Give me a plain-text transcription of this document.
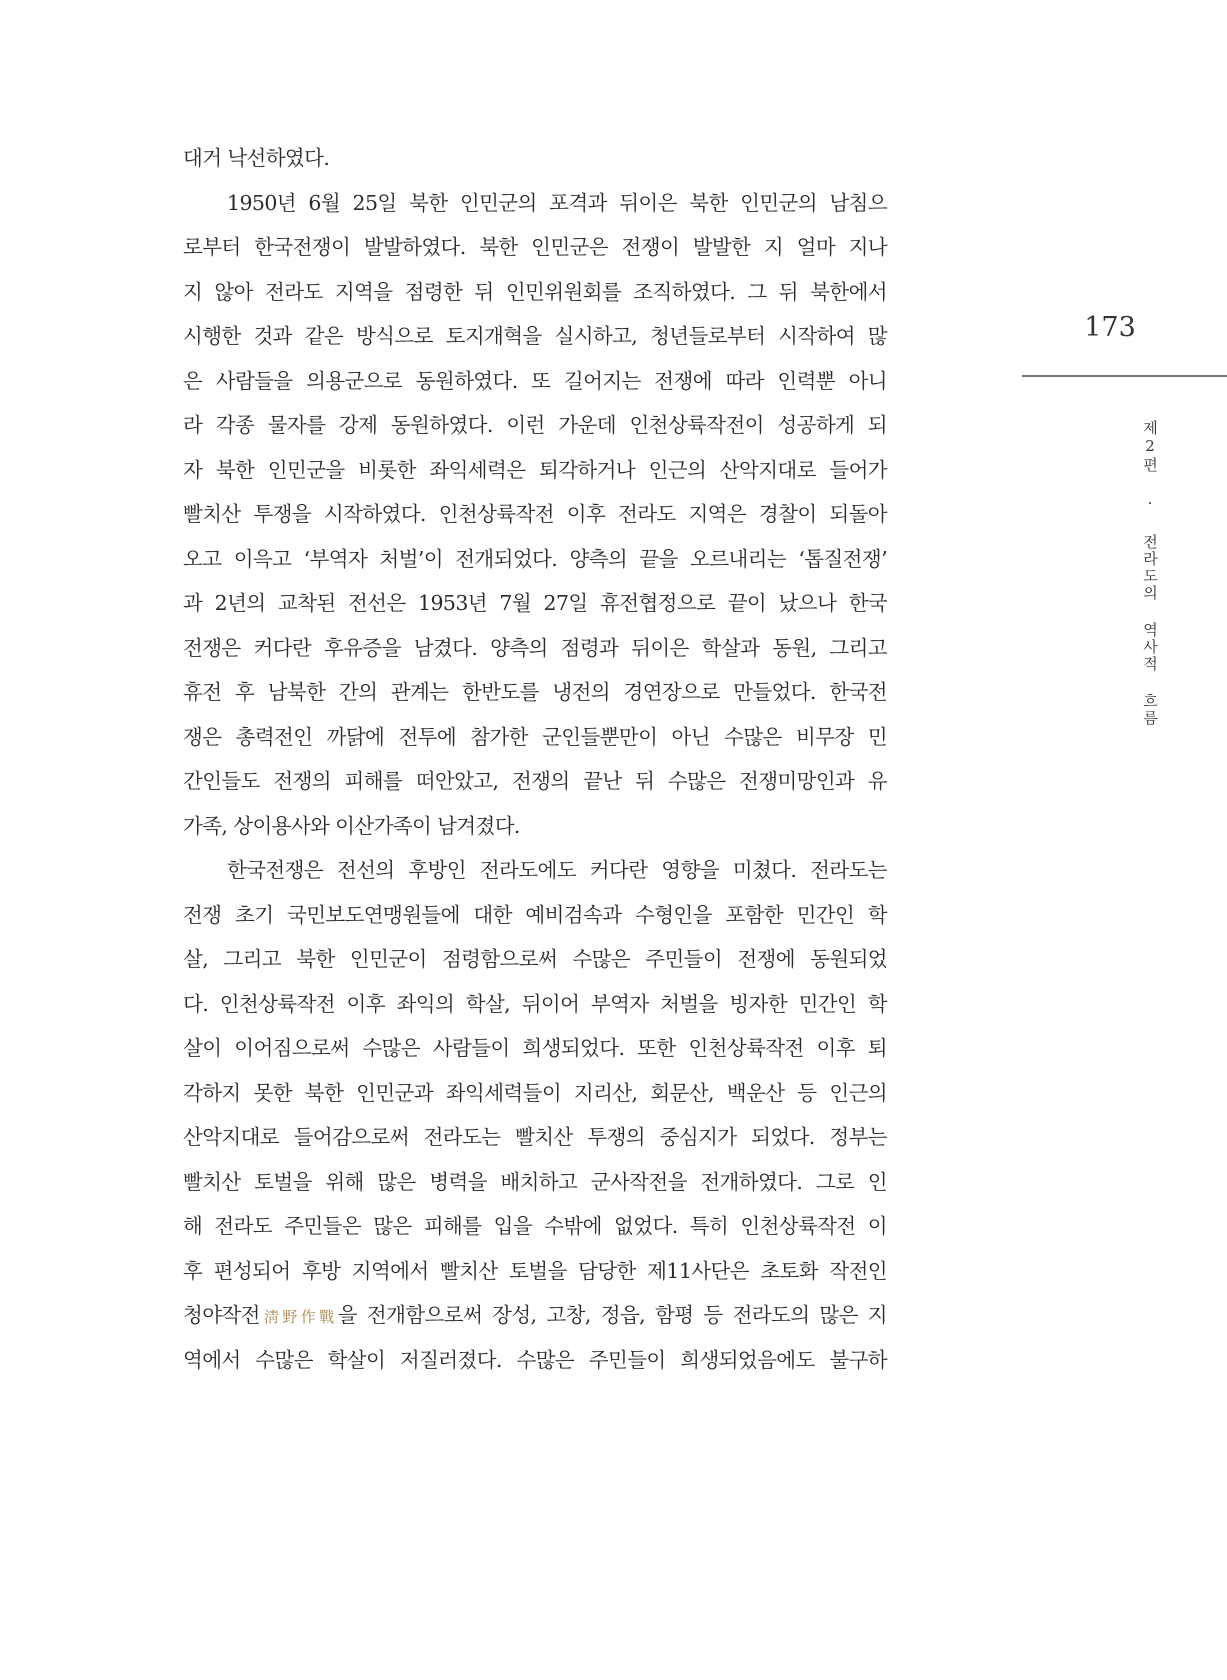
대거 낙선하였다.
1950년 6월 25일 북한 인민군의 포격과 뒤이은 북한 인민군의 남침으
로부터 한국전쟁이 발발하였다. 북한 인민군은 전쟁이 발발한 지 얼마 지나
지 않아 전라도 지역을 점령한 뒤 인민위원회를 조직하였다. 그 뒤 북한에서
시행한 것과 같은 방식으로 토지개혁을 실시하고, 청년들로부터 시작하여 많
은 사람들을 의용군으로 동원하였다. 또 길어지는 전쟁에 따라 인력뿐 아니
라 각종 물자를 강제 동원하였다. 이런 가운데 인천상륙작전이 성공하게 되
자 북한 인민군을 비롯한 좌익세력은 퇴각하거나 인근의 산악지대로 들어가
빨치산 투쟁을 시작하였다. 인천상륙작전 이후 전라도 지역은 경찰이 되돌아
오고 이윽고 ‘부역자 처벌’이 전개되었다. 양측의 끝을 오르내리는 ‘톱질전쟁’
과 2년의 교착된 전선은 1953년 7월 27일 휴전협정으로 끝이 났으나 한국
전쟁은 커다란 후유증을 남겼다. 양측의 점령과 뒤이은 학살과 동원, 그리고
휴전 후 남북한 간의 관계는 한반도를 냉전의 경연장으로 만들었다. 한국전
쟁은 총력전인 까닭에 전투에 참가한 군인들뿐만이 아닌 수많은 비무장 민
간인들도 전쟁의 피해를 떠안았고, 전쟁의 끝난 뒤 수많은 전쟁미망인과 유
가족, 상이용사와 이산가족이 남겨졌다.
한국전쟁은 전선의 후방인 전라도에도 커다란 영향을 미쳤다. 전라도는
전쟁 초기 국민보도연맹원들에 대한 예비검속과 수형인을 포함한 민간인 학
살, 그리고 북한 인민군이 점령함으로써 수많은 주민들이 전쟁에 동원되었
다. 인천상륙작전 이후 좌익의 학살, 뒤이어 부역자 처벌을 빙자한 민간인 학
살이 이어짐으로써 수많은 사람들이 희생되었다. 또한 인천상륙작전 이후 퇴
각하지 못한 북한 인민군과 좌익세력들이 지리산, 회문산, 백운산 등 인근의
산악지대로 들어감으로써 전라도는 빨치산 투쟁의 중심지가 되었다. 정부는
빨치산 토벌을 위해 많은 병력을 배치하고 군사작전을 전개하였다. 그로 인
해 전라도 주민들은 많은 피해를 입을 수밖에 없었다. 특히 인천상륙작전 이
후 편성되어 후방 지역에서 빨치산 토벌을 담당한 제11사단은 초토화 작전인
청야작전淸野作戰을 전개함으로써 장성, 고창, 정읍, 함평 등 전라도의 많은 지
역에서 수많은 학살이 저질러졌다. 수많은 주민들이 희생되었음에도 불구하
173
제2편 · 전라도의 역사적 흐름
